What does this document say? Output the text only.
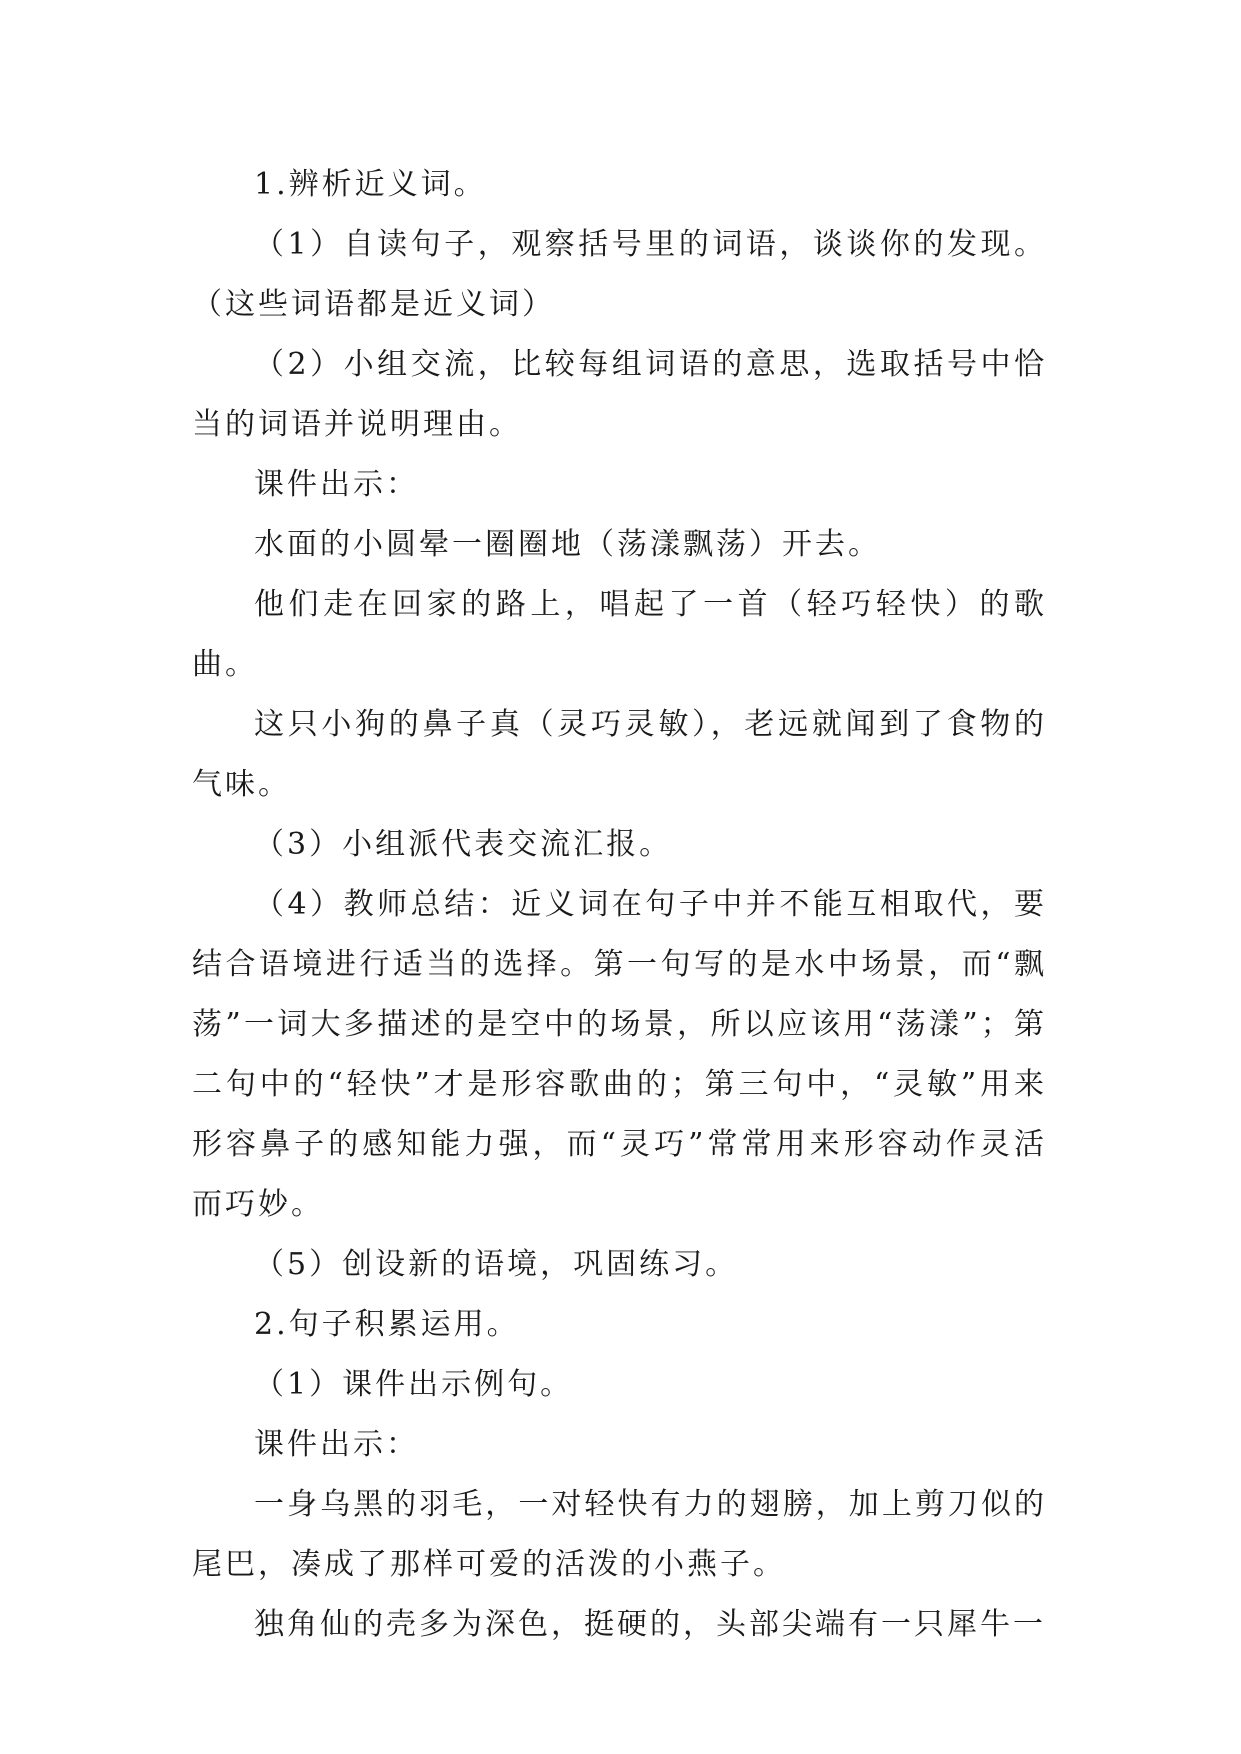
1.辨析近义词。

（1）自读句子，观察括号里的词语，谈谈你的发现。（这些词语都是近义词）

（2）小组交流，比较每组词语的意思，选取括号中恰当的词语并说明理由。

课件出示：

水面的小圆晕一圈圈地（荡漾飘荡）开去。

他们走在回家的路上，唱起了一首（轻巧轻快）的歌曲。

这只小狗的鼻子真（灵巧灵敏），老远就闻到了食物的气味。

（3）小组派代表交流汇报。

（4）教师总结：近义词在句子中并不能互相取代，要结合语境进行适当的选择。第一句写的是水中场景，而“飘荡”一词大多描述的是空中的场景，所以应该用“荡漾”；第二句中的“轻快”才是形容歌曲的；第三句中，“灵敏”用来形容鼻子的感知能力强，而“灵巧”常常用来形容动作灵活而巧妙。

（5）创设新的语境，巩固练习。

2.句子积累运用。

（1）课件出示例句。

课件出示：

一身乌黑的羽毛，一对轻快有力的翅膀，加上剪刀似的尾巴，凑成了那样可爱的活泼的小燕子。

独角仙的壳多为深色，挺硬的，头部尖端有一只犀牛一
